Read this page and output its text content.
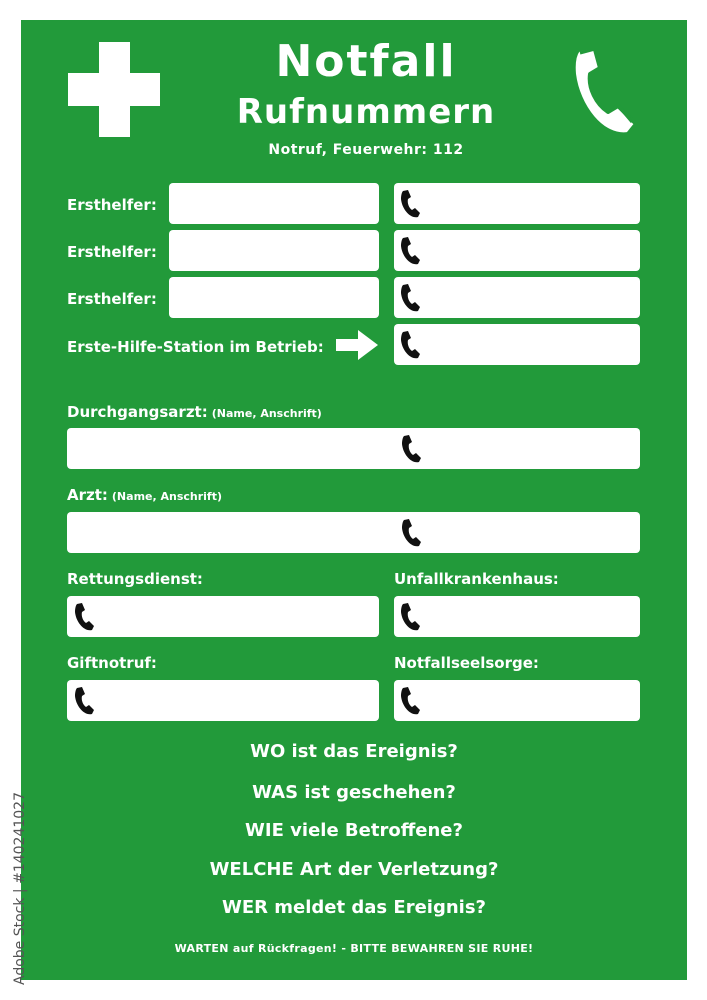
Notfall
Rufnummern
Notruf, Feuerwehr: 112
Ersthelfer:
Ersthelfer:
Ersthelfer:
Erste-Hilfe-Station im Betrieb:
Durchgangsarzt: (Name, Anschrift)
Arzt: (Name, Anschrift)
Rettungsdienst:	Unfallkrankenhaus:
Giftnotruf:	Notfallseelsorge:
WO ist das Ereignis?
WAS ist geschehen?
WIE viele Betroffene?
WELCHE Art der Verletzung?
WER meldet das Ereignis?
WARTEN auf Rückfragen! - BITTE BEWAHREN SIE RUHE!
Adobe Stock | #140241027
